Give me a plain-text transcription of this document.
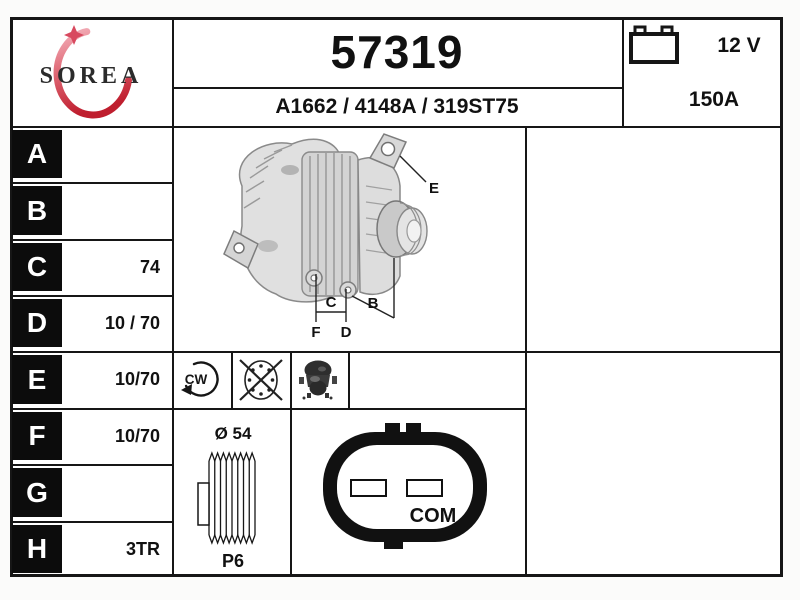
SOREA	57319
A1662 / 4148A / 319ST75
12 V
150A
A
B
C	74
D	10 / 70
E	10/70
F	10/70
G
H	3TR
E
C B
F D
CW
Ø 54
P6
COM
